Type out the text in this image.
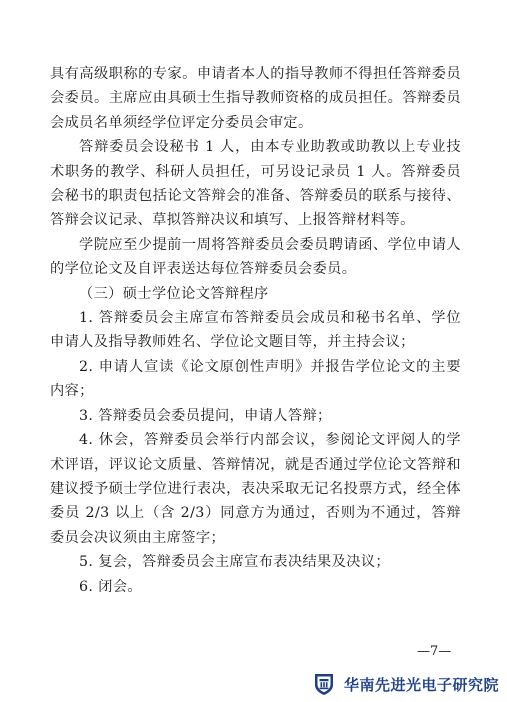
具有高级职称的专家。申请者本人的指导教师不得担任答辩委员会委员。主席应由具硕士生指导教师资格的成员担任。答辩委员会成员名单须经学位评定分委员会审定。

答辩委员会设秘书 1 人，由本专业助教或助教以上专业技术职务的教学、科研人员担任，可另设记录员 1 人。答辩委员会秘书的职责包括论文答辩会的准备、答辩委员的联系与接待、答辩会议记录、草拟答辩决议和填写、上报答辩材料等。

学院应至少提前一周将答辩委员会委员聘请函、学位申请人的学位论文及自评表送达每位答辩委员会委员。

（三）硕士学位论文答辩程序

1. 答辩委员会主席宣布答辩委员会成员和秘书名单、学位申请人及指导教师姓名、学位论文题目等，并主持会议；

2. 申请人宣读《论文原创性声明》并报告学位论文的主要内容；

3. 答辩委员会委员提问，申请人答辩；

4. 休会，答辩委员会举行内部会议，参阅论文评阅人的学术评语，评议论文质量、答辩情况，就是否通过学位论文答辩和建议授予硕士学位进行表决，表决采取无记名投票方式，经全体委员 2/3 以上（含 2/3）同意方为通过，否则为不通过，答辩委员会决议须由主席签字；

5. 复会，答辩委员会主席宣布表决结果及决议；

6. 闭会。

—7—
华南先进光电子研究院
